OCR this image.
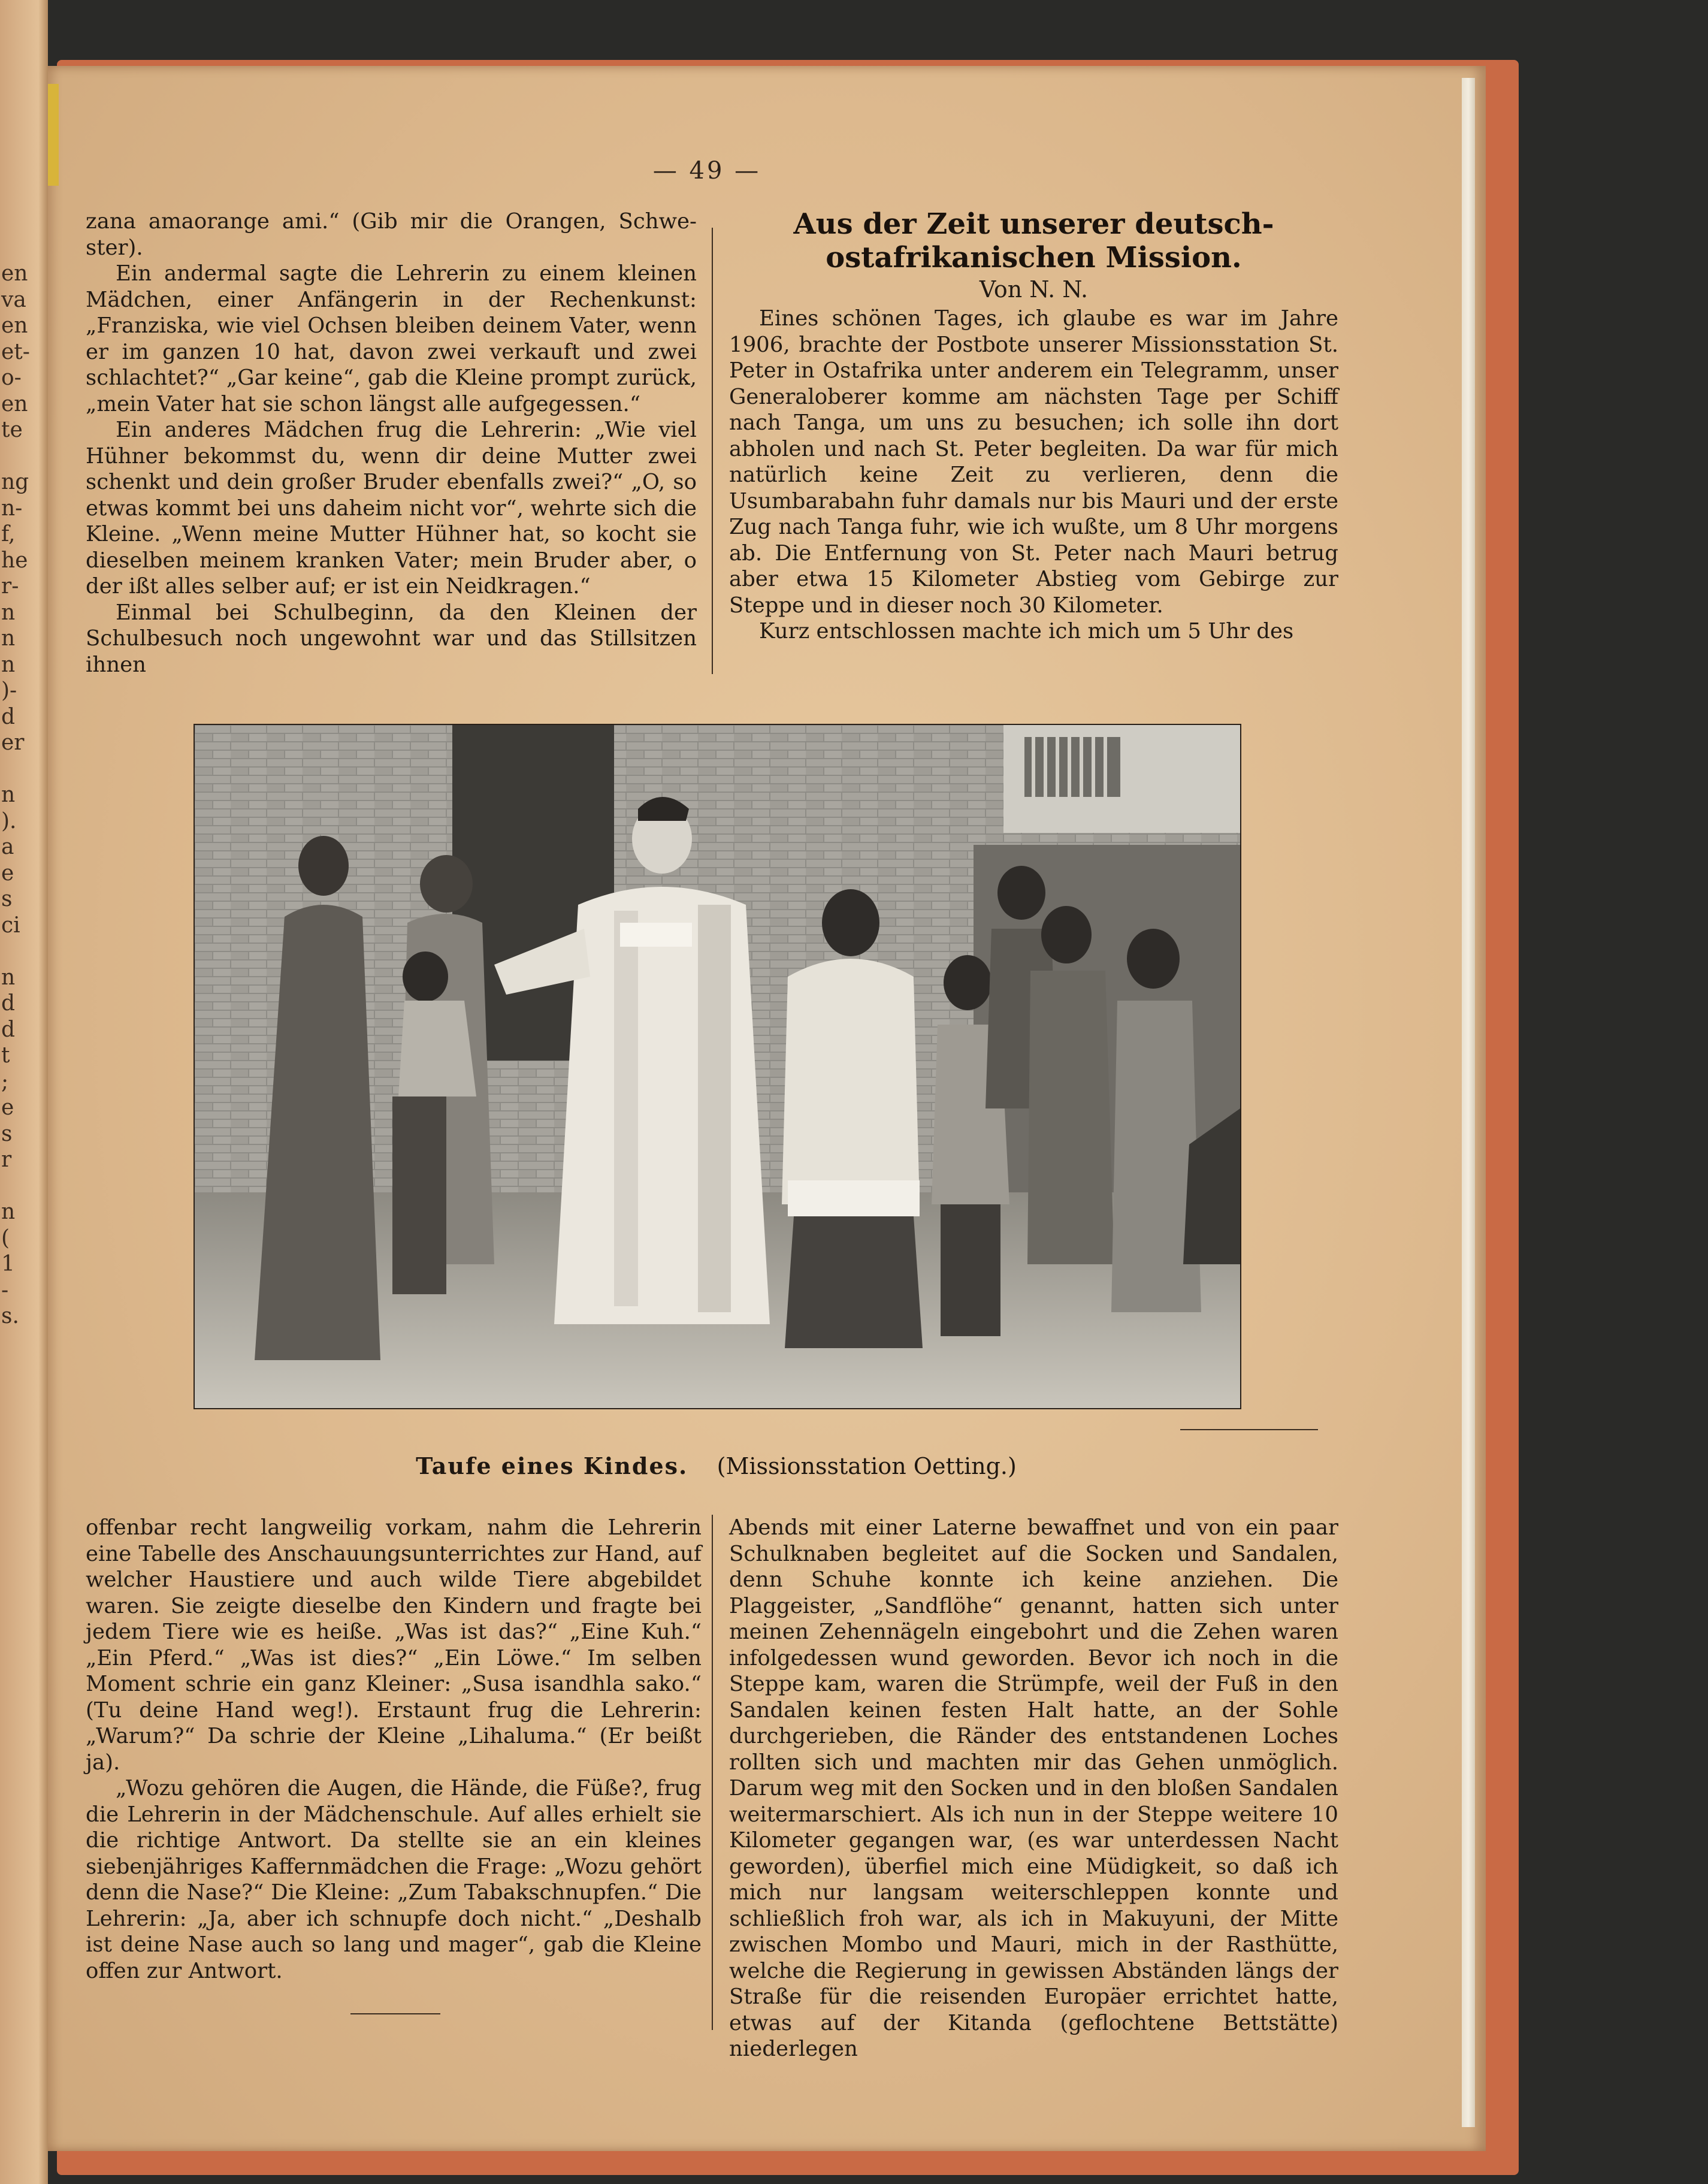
en
va
en
et-
o-
en
te
ng
n-
f,
he
r-
n
n
n
)-
d
er
n
).
a
e
s
ci
n
d
d
t
;
e
s
r
n
(
1
-
s.
— 49 —

zana amaorange ami.“ (Gib mir die Orangen, Schwe-ster).

Ein andermal sagte die Lehrerin zu einem kleinen Mädchen, einer Anfängerin in der Rechenkunst: „Franziska, wie viel Ochsen bleiben deinem Vater, wenn er im ganzen 10 hat, davon zwei verkauft und zwei schlachtet?“ „Gar keine“, gab die Kleine prompt zurück, „mein Vater hat sie schon längst alle aufgegessen.“

Ein anderes Mädchen frug die Lehrerin: „Wie viel Hühner bekommst du, wenn dir deine Mutter zwei schenkt und dein großer Bruder ebenfalls zwei?“ „O, so etwas kommt bei uns daheim nicht vor“, wehrte sich die Kleine. „Wenn meine Mutter Hühner hat, so kocht sie dieselben meinem kranken Vater; mein Bruder aber, o der ißt alles selber auf; er ist ein Neidkragen.“

Einmal bei Schulbeginn, da den Kleinen der Schulbesuch noch ungewohnt war und das Stillsitzen ihnen

Aus der Zeit unserer deutsch-
ostafrikanischen Mission.
Von N. N.

Eines schönen Tages, ich glaube es war im Jahre 1906, brachte der Postbote unserer Missionsstation St. Peter in Ostafrika unter anderem ein Telegramm, unser Generaloberer komme am nächsten Tage per Schiff nach Tanga, um uns zu besuchen; ich solle ihn dort abholen und nach St. Peter begleiten. Da war für mich natürlich keine Zeit zu verlieren, denn die Usumbarabahn fuhr damals nur bis Mauri und der erste Zug nach Tanga fuhr, wie ich wußte, um 8 Uhr morgens ab. Die Entfernung von St. Peter nach Mauri betrug aber etwa 15 Kilometer Abstieg vom Gebirge zur Steppe und in dieser noch 30 Kilometer.

Kurz entschlossen machte ich mich um 5 Uhr des

Taufe eines Kindes. (Missionsstation Oetting.)

offenbar recht langweilig vorkam, nahm die Lehrerin eine Tabelle des Anschauungsunterrichtes zur Hand, auf welcher Haustiere und auch wilde Tiere abgebildet waren. Sie zeigte dieselbe den Kindern und fragte bei jedem Tiere wie es heiße. „Was ist das?“ „Eine Kuh.“ „Ein Pferd.“ „Was ist dies?“ „Ein Löwe.“ Im selben Moment schrie ein ganz Kleiner: „Susa isandhla sako.“ (Tu deine Hand weg!). Erstaunt frug die Lehrerin: „Warum?“ Da schrie der Kleine „Lihaluma.“ (Er beißt ja).

„Wozu gehören die Augen, die Hände, die Füße?, frug die Lehrerin in der Mädchenschule. Auf alles erhielt sie die richtige Antwort. Da stellte sie an ein kleines siebenjähriges Kaffernmädchen die Frage: „Wozu gehört denn die Nase?“ Die Kleine: „Zum Tabakschnupfen.“ Die Lehrerin: „Ja, aber ich schnupfe doch nicht.“ „Deshalb ist deine Nase auch so lang und mager“, gab die Kleine offen zur Antwort.

Abends mit einer Laterne bewaffnet und von ein paar Schulknaben begleitet auf die Socken und Sandalen, denn Schuhe konnte ich keine anziehen. Die Plaggeister, „Sandflöhe“ genannt, hatten sich unter meinen Zehennägeln eingebohrt und die Zehen waren infolgedessen wund geworden. Bevor ich noch in die Steppe kam, waren die Strümpfe, weil der Fuß in den Sandalen keinen festen Halt hatte, an der Sohle durchgerieben, die Ränder des entstandenen Loches rollten sich und machten mir das Gehen unmöglich. Darum weg mit den Socken und in den bloßen Sandalen weitermarschiert. Als ich nun in der Steppe weitere 10 Kilometer gegangen war, (es war unterdessen Nacht geworden), überfiel mich eine Müdigkeit, so daß ich mich nur langsam weiterschleppen konnte und schließlich froh war, als ich in Makuyuni, der Mitte zwischen Mombo und Mauri, mich in der Rasthütte, welche die Regierung in gewissen Abständen längs der Straße für die reisenden Europäer errichtet hatte, etwas auf der Kitanda (geflochtene Bettstätte) niederlegen
